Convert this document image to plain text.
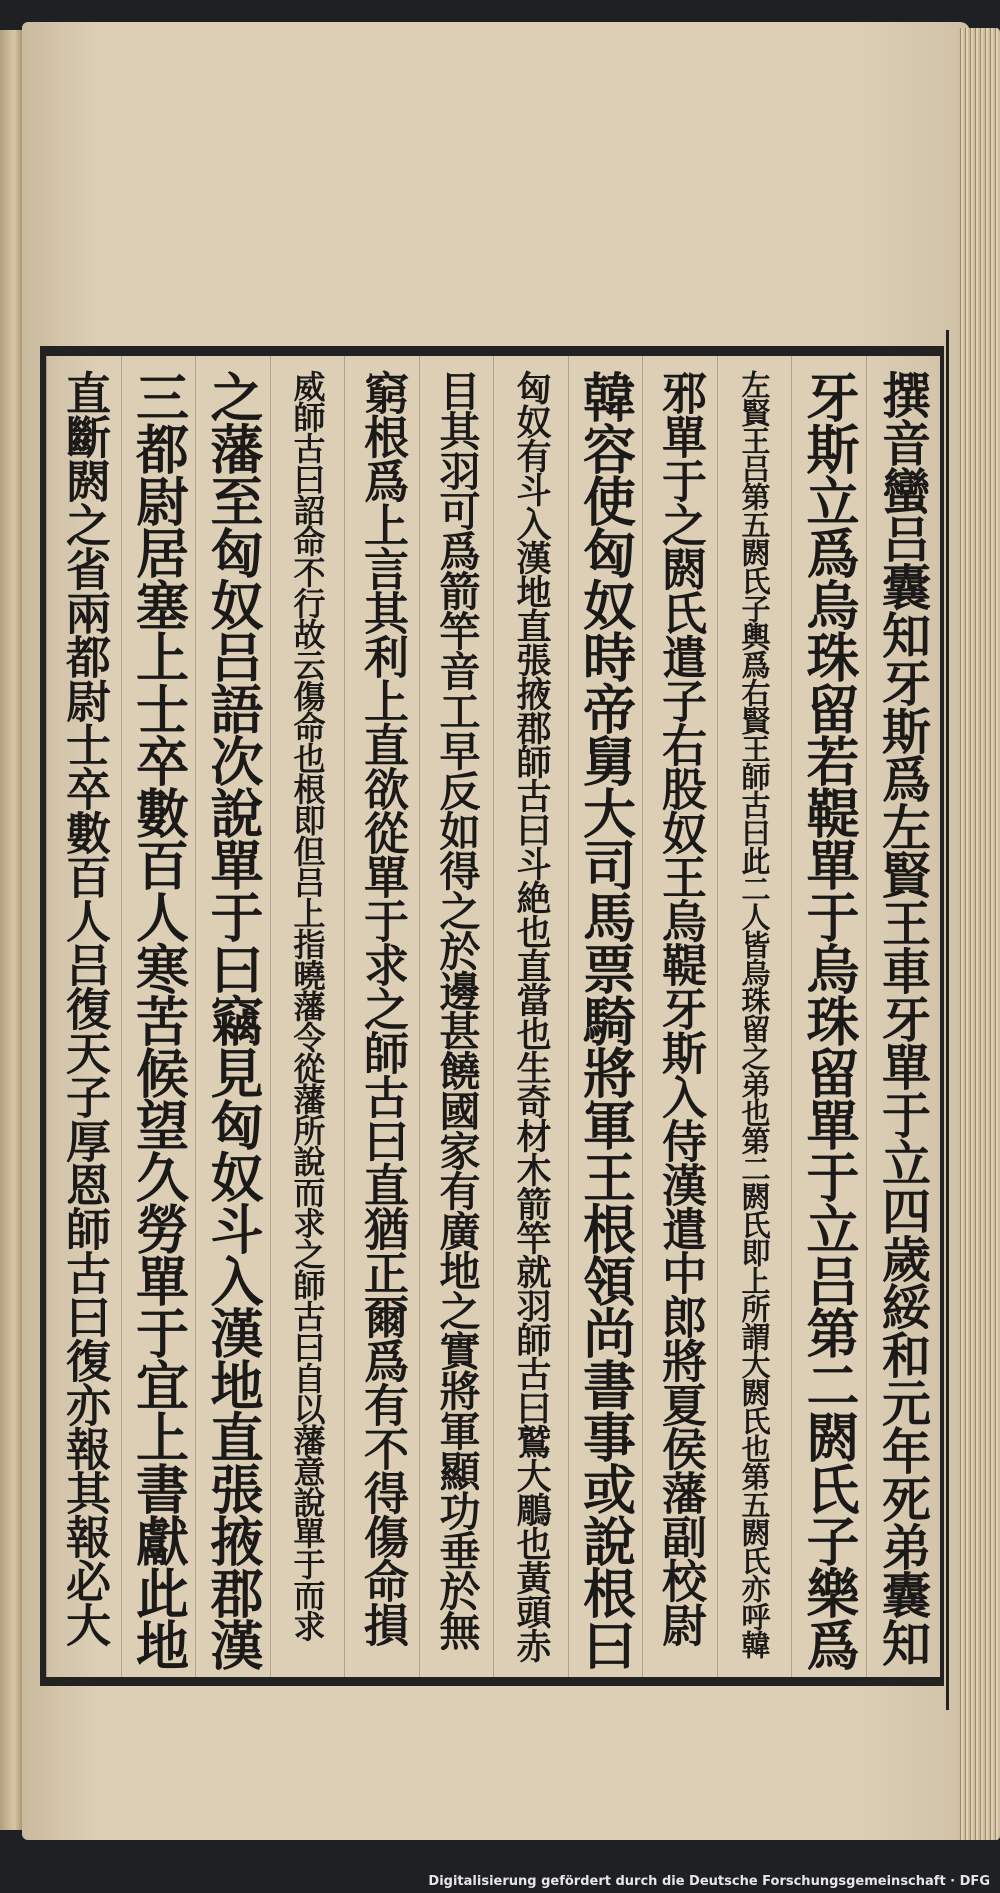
撰音蠻吕囊知牙斯爲左賢王車牙單于立四歲綏和元年死弟囊知
牙斯立爲烏珠留若鞮單于烏珠留單于立吕第二閼氏子樂爲
左賢王吕第五閼氏子輿爲右賢王師古曰此二人皆烏珠留之弟也第二閼氏即上所謂大閼氏也第五閼氏亦呼韓
邪單于之閼氏遣子右股奴王烏鞮牙斯入侍漢遣中郎將夏侯藩副校尉
韓容使匈奴時帝舅大司馬票騎將軍王根領尚書事或說根曰
匈奴有斗入漢地直張掖郡師古曰斗絶也直當也生奇材木箭竿就羽師古曰鷲大鵰也黃頭赤
目其羽可爲箭竿音工早反如得之於邊甚饒國家有廣地之實將軍顯功垂於無
窮根爲上言其利上直欲從單于求之師古曰直猶正爾爲有不得傷命損
威師古曰詔命不行故云傷命也根即但吕上指曉藩令從藩所說而求之師古曰自以藩意說單于而求
之藩至匈奴吕語次說單于曰竊見匈奴斗入漢地直張掖郡漢
三都尉居塞上士卒數百人寒苦候望久勞單于宜上書獻此地
直斷閼之省兩都尉士卒數百人吕復天子厚恩師古曰復亦報其報必大
Digitalisierung gefördert durch die Deutsche Forschungsgemeinschaft · DFG
